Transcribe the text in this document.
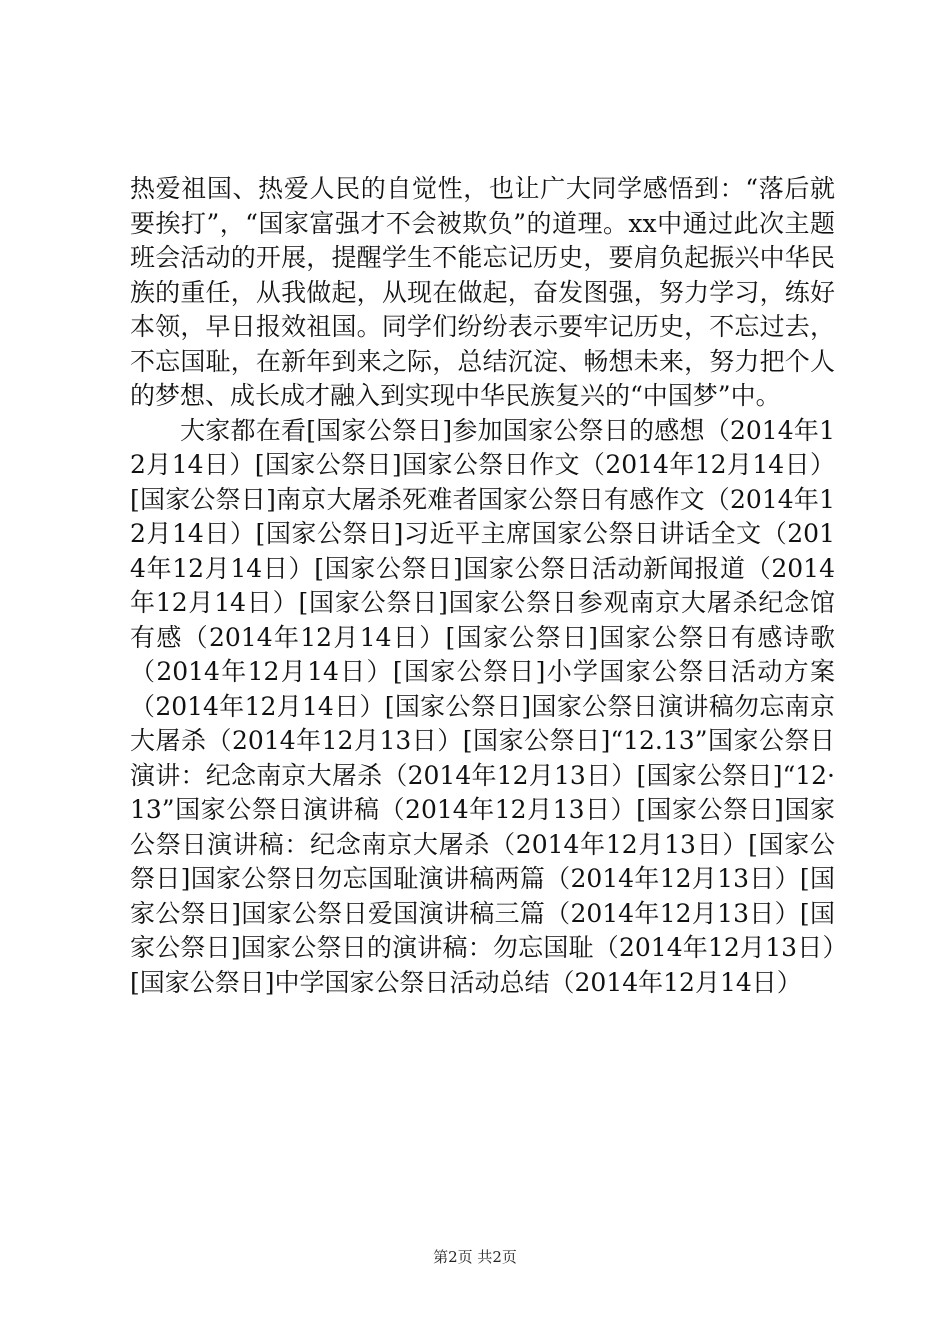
热爱祖国、热爱人民的自觉性，也让广大同学感悟到：“落后就要挨打”，“国家富强才不会被欺负”的道理。xx中通过此次主题班会活动的开展，提醒学生不能忘记历史，要肩负起振兴中华民族的重任，从我做起，从现在做起，奋发图强，努力学习，练好本领，早日报效祖国。同学们纷纷表示要牢记历史，不忘过去，不忘国耻，在新年到来之际，总结沉淀、畅想未来，努力把个人的梦想、成长成才融入到实现中华民族复兴的“中国梦”中。

大家都在看[国家公祭日]参加国家公祭日的感想（2014年12月14日）[国家公祭日]国家公祭日作文（2014年12月14日）[国家公祭日]南京大屠杀死难者国家公祭日有感作文（2014年12月14日）[国家公祭日]习近平主席国家公祭日讲话全文（2014年12月14日）[国家公祭日]国家公祭日活动新闻报道（2014年12月14日）[国家公祭日]国家公祭日参观南京大屠杀纪念馆有感（2014年12月14日）[国家公祭日]国家公祭日有感诗歌（2014年12月14日）[国家公祭日]小学国家公祭日活动方案（2014年12月14日）[国家公祭日]国家公祭日演讲稿勿忘南京大屠杀（2014年12月13日）[国家公祭日]“12.13”国家公祭日演讲：纪念南京大屠杀（2014年12月13日）[国家公祭日]“12·13”国家公祭日演讲稿（2014年12月13日）[国家公祭日]国家公祭日演讲稿：纪念南京大屠杀（2014年12月13日）[国家公祭日]国家公祭日勿忘国耻演讲稿两篇（2014年12月13日）[国家公祭日]国家公祭日爱国演讲稿三篇（2014年12月13日）[国家公祭日]国家公祭日的演讲稿：勿忘国耻（2014年12月13日）[国家公祭日]中学国家公祭日活动总结（2014年12月14日）

第2页 共2页
